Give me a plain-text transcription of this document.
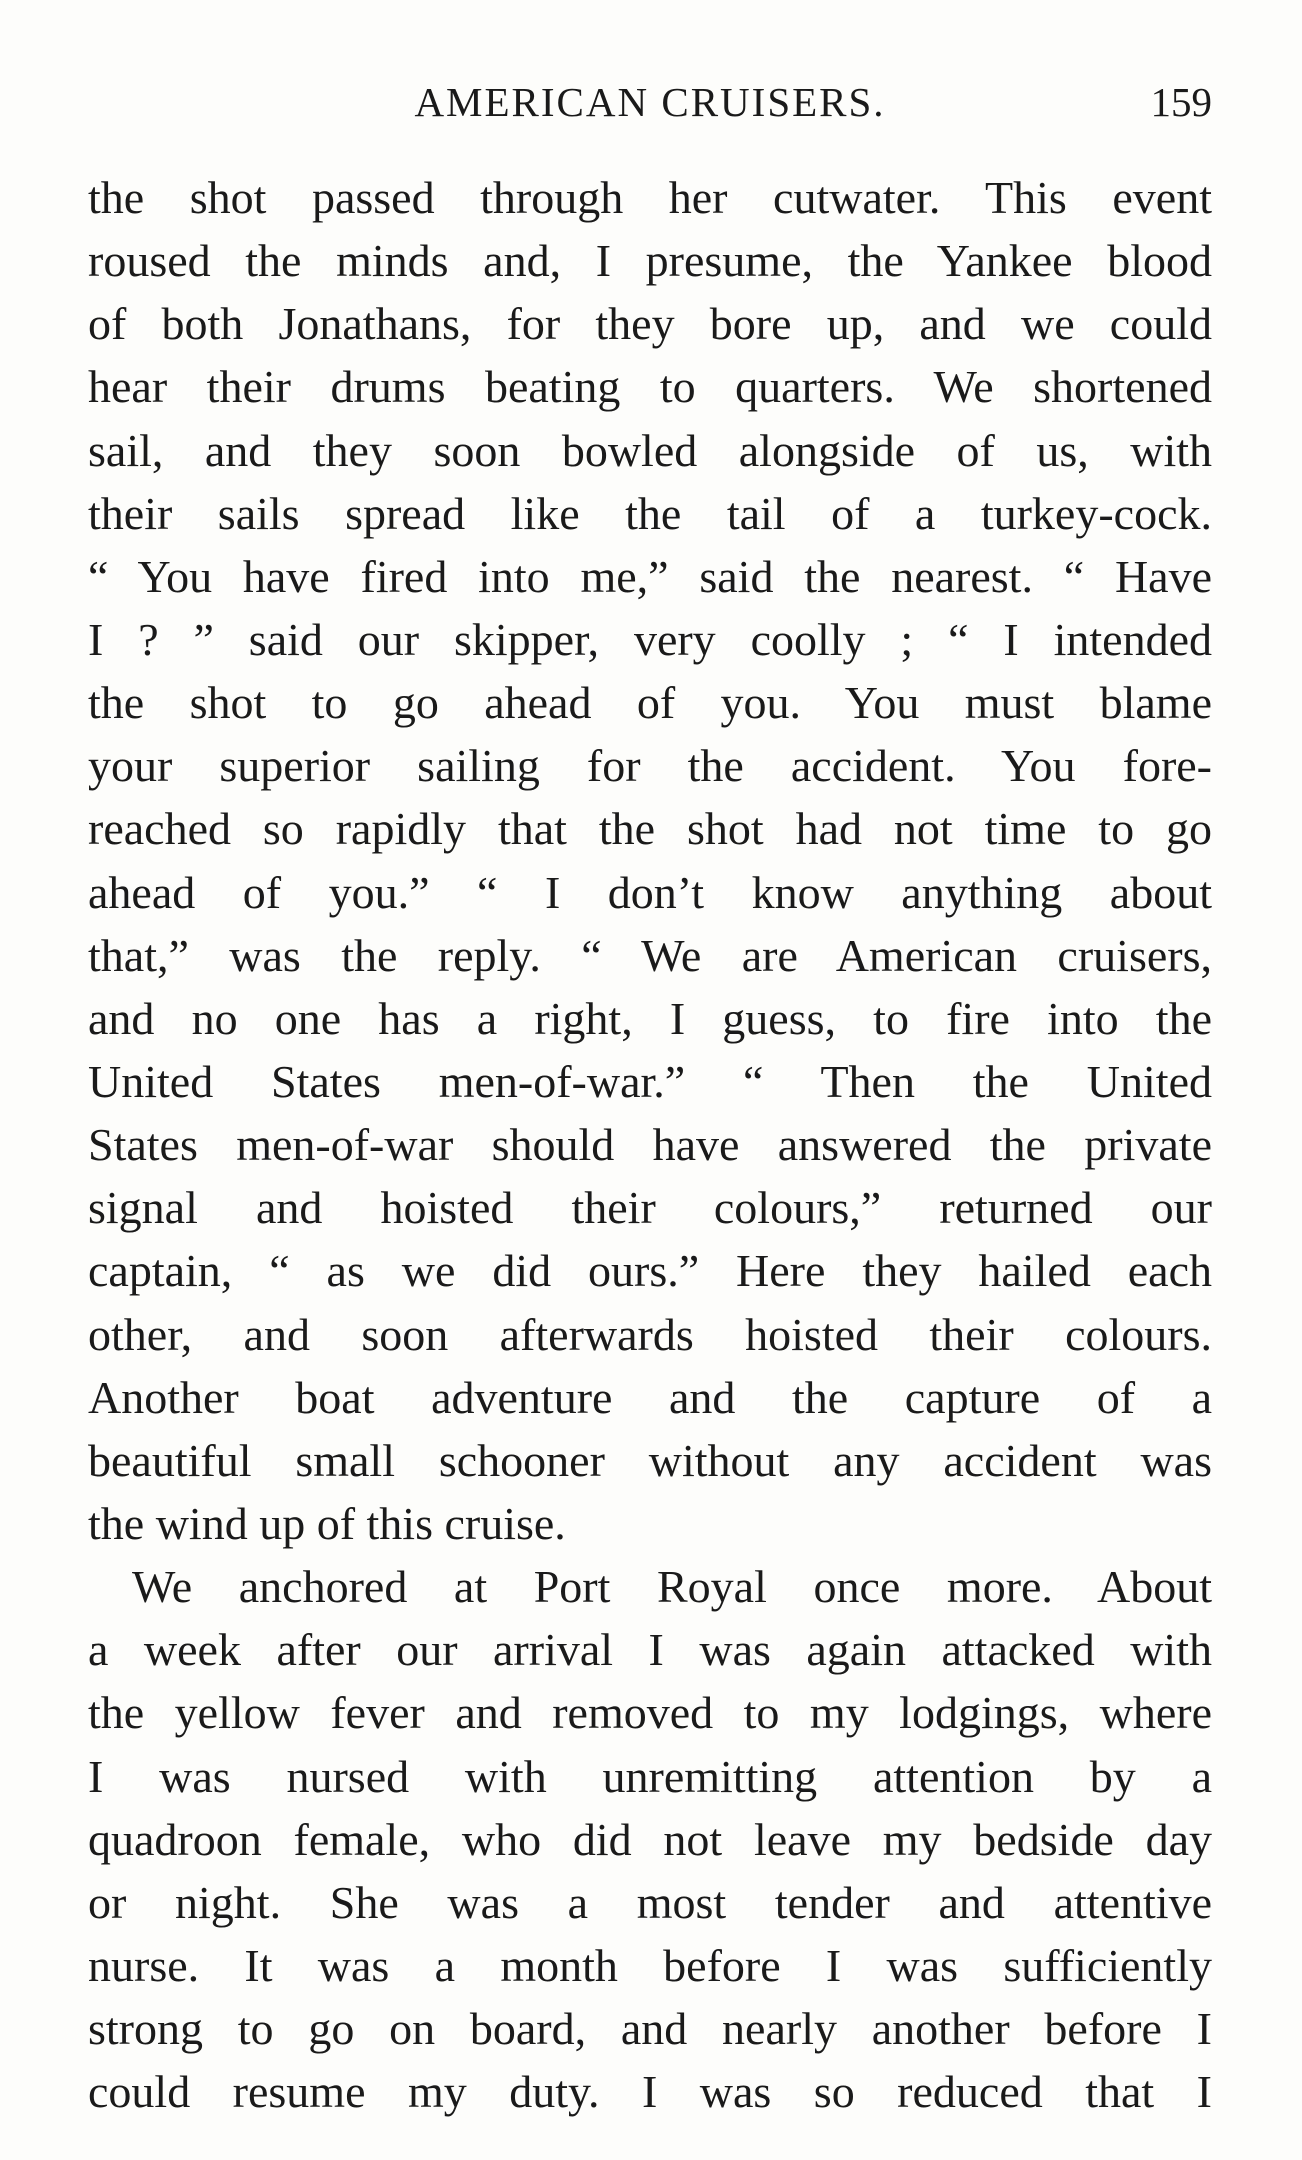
AMERICAN CRUISERS.	159
the shot passed through her cutwater. This event
roused the minds and, I presume, the Yankee blood
of both Jonathans, for they bore up, and we could
hear their drums beating to quarters. We shortened
sail, and they soon bowled alongside of us, with
their sails spread like the tail of a turkey-cock.
“ You have fired into me,” said the nearest. “ Have
I ? ” said our skipper, very coolly ; “ I intended
the shot to go ahead of you. You must blame
your superior sailing for the accident. You fore-
reached so rapidly that the shot had not time to go
ahead of you.” “ I don’t know anything about
that,” was the reply. “ We are American cruisers,
and no one has a right, I guess, to fire into the
United States men-of-war.” “ Then the United
States men-of-war should have answered the private
signal and hoisted their colours,” returned our
captain, “ as we did ours.” Here they hailed each
other, and soon afterwards hoisted their colours.
Another boat adventure and the capture of a
beautiful small schooner without any accident was
the wind up of this cruise.
We anchored at Port Royal once more. About
a week after our arrival I was again attacked with
the yellow fever and removed to my lodgings, where
I was nursed with unremitting attention by a
quadroon female, who did not leave my bedside day
or night. She was a most tender and attentive
nurse. It was a month before I was sufficiently
strong to go on board, and nearly another before I
could resume my duty. I was so reduced that I
